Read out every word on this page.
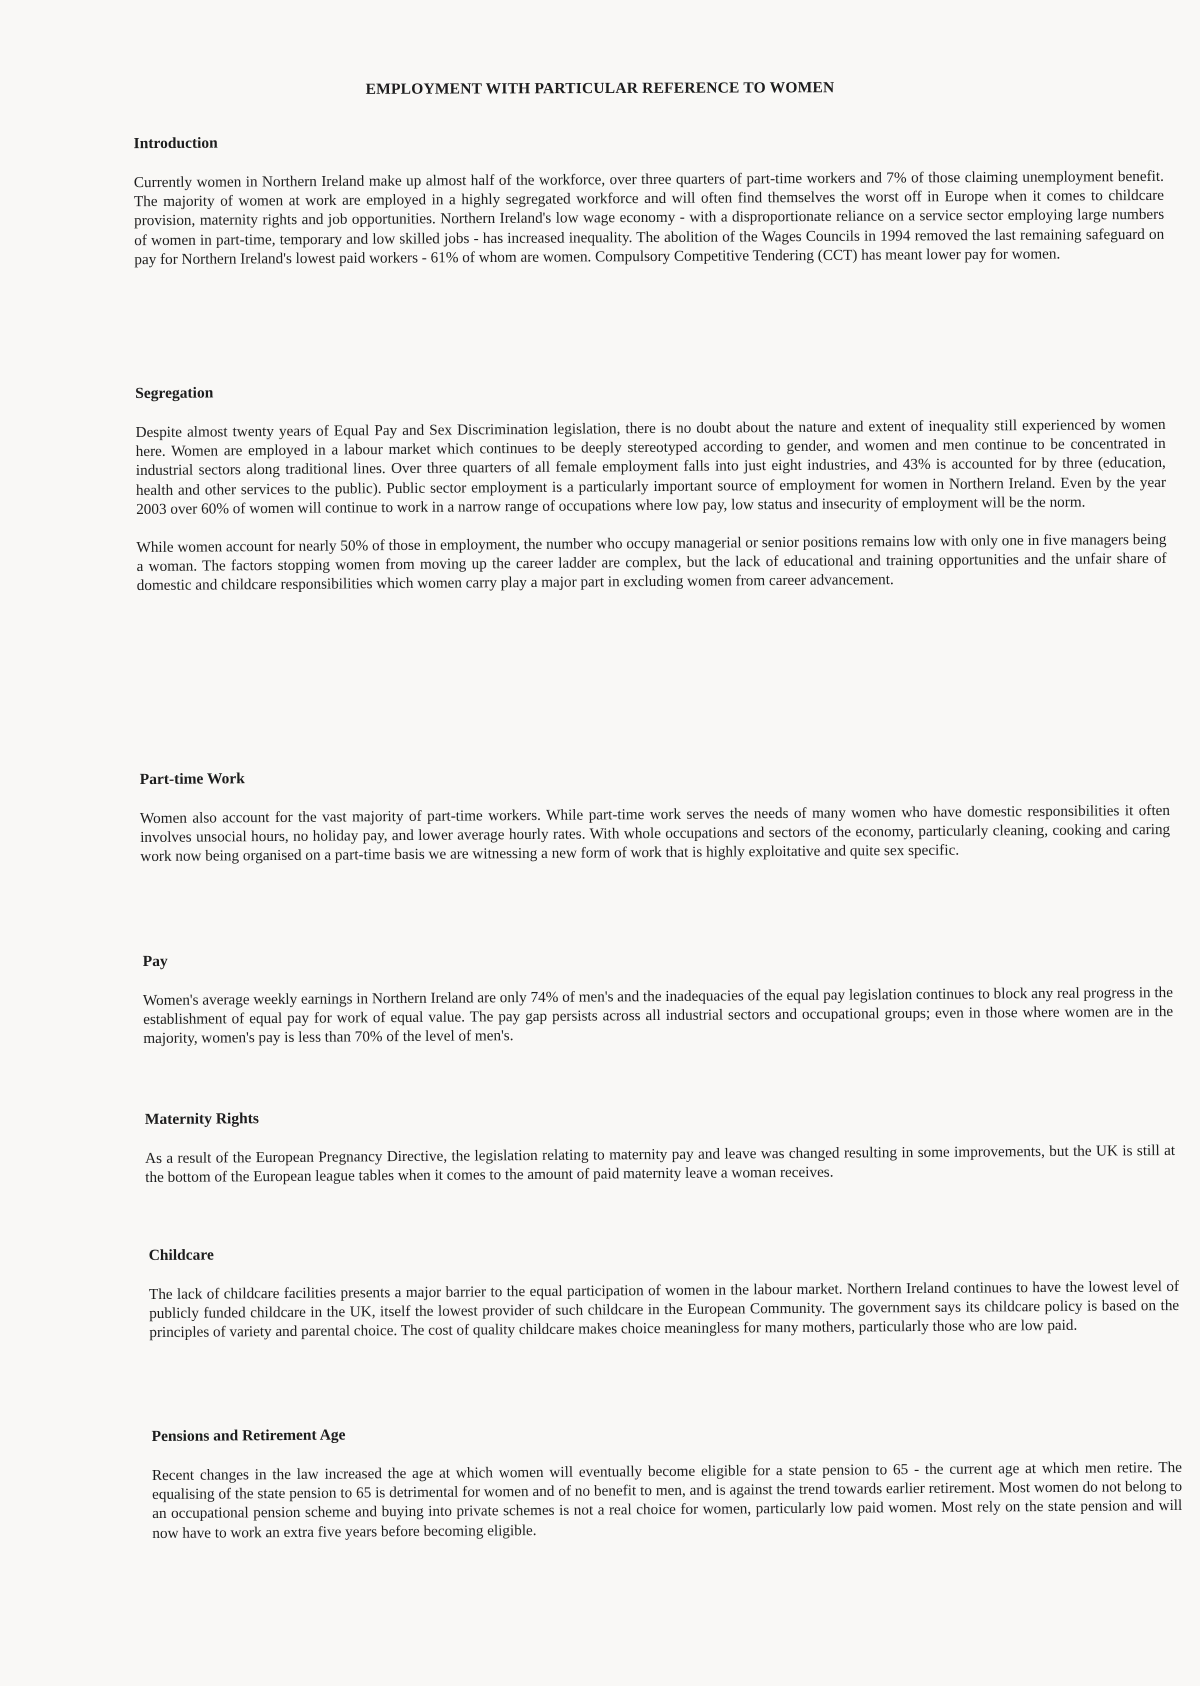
EMPLOYMENT WITH PARTICULAR REFERENCE TO WOMEN
Introduction

Currently women in Northern Ireland make up almost half of the workforce, over three quarters of part-time workers and 7% of those claiming unemployment benefit. The majority of women at work are employed in a highly segregated workforce and will often find themselves the worst off in Europe when it comes to childcare provision, maternity rights and job opportunities. Northern Ireland's low wage economy - with a disproportionate reliance on a service sector employing large numbers of women in part-time, temporary and low skilled jobs - has increased inequality. The abolition of the Wages Councils in 1994 removed the last remaining safeguard on pay for Northern Ireland's lowest paid workers - 61% of whom are women. Compulsory Competitive Tendering (CCT) has meant lower pay for women.

Segregation

Despite almost twenty years of Equal Pay and Sex Discrimination legislation, there is no doubt about the nature and extent of inequality still experienced by women here. Women are employed in a labour market which continues to be deeply stereotyped according to gender, and women and men continue to be concentrated in industrial sectors along traditional lines. Over three quarters of all female employment falls into just eight industries, and 43% is accounted for by three (education, health and other services to the public). Public sector employment is a particularly important source of employment for women in Northern Ireland. Even by the year 2003 over 60% of women will continue to work in a narrow range of occupations where low pay, low status and insecurity of employment will be the norm.

While women account for nearly 50% of those in employment, the number who occupy managerial or senior positions remains low with only one in five managers being a woman. The factors stopping women from moving up the career ladder are complex, but the lack of educational and training opportunities and the unfair share of domestic and childcare responsibilities which women carry play a major part in excluding women from career advancement.

Part-time Work

Women also account for the vast majority of part-time workers. While part-time work serves the needs of many women who have domestic responsibilities it often involves unsocial hours, no holiday pay, and lower average hourly rates. With whole occupations and sectors of the economy, particularly cleaning, cooking and caring work now being organised on a part-time basis we are witnessing a new form of work that is highly exploitative and quite sex specific.

Pay

Women's average weekly earnings in Northern Ireland are only 74% of men's and the inadequacies of the equal pay legislation continues to block any real progress in the establishment of equal pay for work of equal value. The pay gap persists across all industrial sectors and occupational groups; even in those where women are in the majority, women's pay is less than 70% of the level of men's.

Maternity Rights

As a result of the European Pregnancy Directive, the legislation relating to maternity pay and leave was changed resulting in some improvements, but the UK is still at the bottom of the European league tables when it comes to the amount of paid maternity leave a woman receives.

Childcare

The lack of childcare facilities presents a major barrier to the equal participation of women in the labour market. Northern Ireland continues to have the lowest level of publicly funded childcare in the UK, itself the lowest provider of such childcare in the European Community. The government says its childcare policy is based on the principles of variety and parental choice. The cost of quality childcare makes choice meaningless for many mothers, particularly those who are low paid.

Pensions and Retirement Age

Recent changes in the law increased the age at which women will eventually become eligible for a state pension to 65 - the current age at which men retire. The equalising of the state pension to 65 is detrimental for women and of no benefit to men, and is against the trend towards earlier retirement. Most women do not belong to an occupational pension scheme and buying into private schemes is not a real choice for women, particularly low paid women. Most rely on the state pension and will now have to work an extra five years before becoming eligible.
